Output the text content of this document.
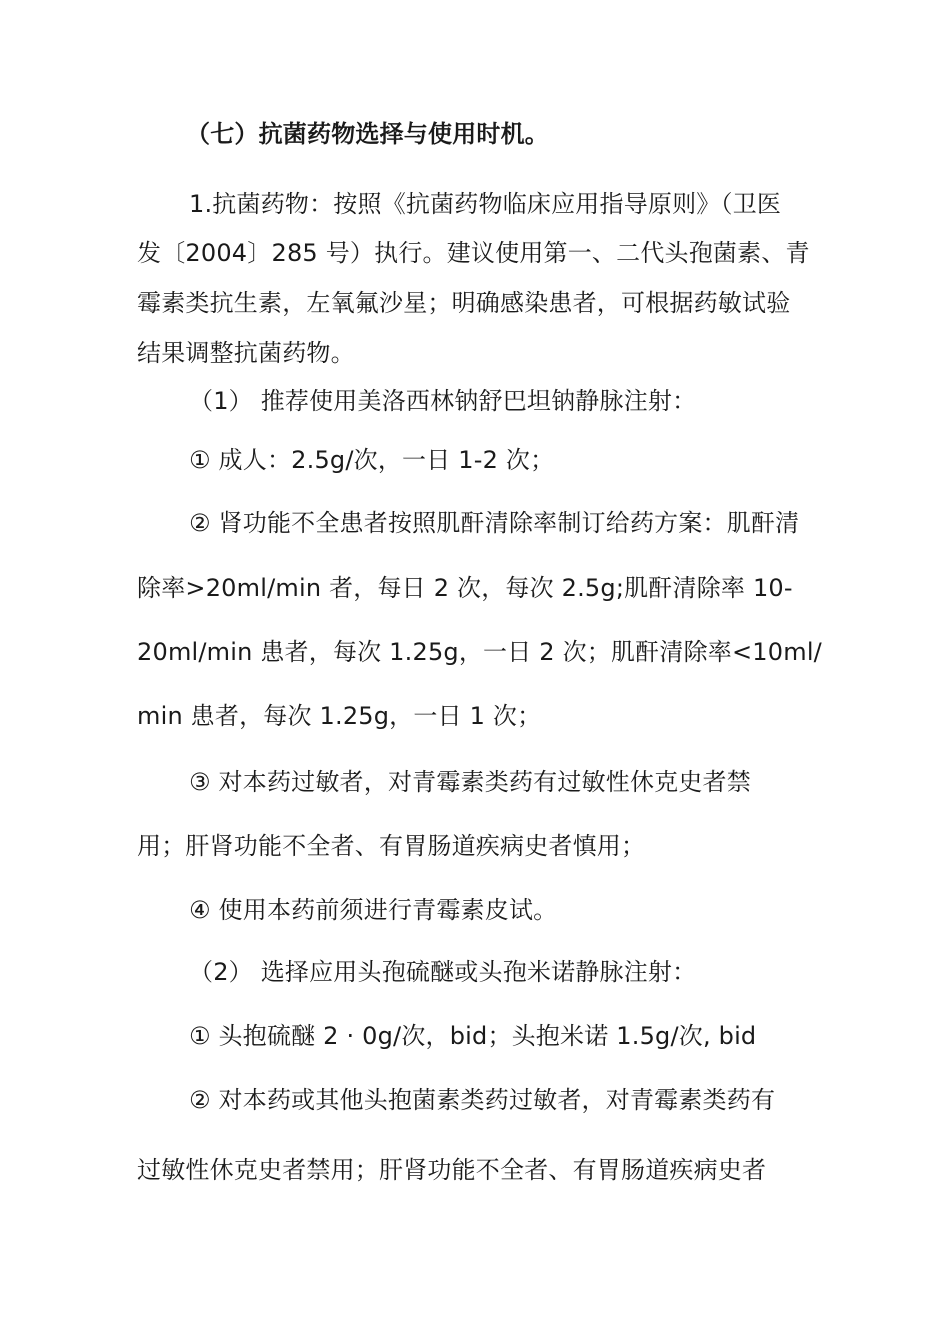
（七）抗菌药物选择与使用时机。
1.抗菌药物：按照《抗菌药物临床应用指导原则》（卫医
发〔2004〕285 号）执行。建议使用第一、二代头孢菌素、青
霉素类抗生素，左氧氟沙星；明确感染患者，可根据药敏试验
结果调整抗菌药物。
（1） 推荐使用美洛西林钠舒巴坦钠静脉注射：
① 成人：2.5g/次，一日 1-2 次；
② 肾功能不全患者按照肌酐清除率制订给药方案：肌酐清
除率>20ml/min 者，每日 2 次，每次 2.5g;肌酐清除率 10-
20ml/min 患者，每次 1.25g，一日 2 次；肌酐清除率<10ml/
min 患者，每次 1.25g，一日 1 次；
③ 对本药过敏者，对青霉素类药有过敏性休克史者禁
用；肝肾功能不全者、有胃肠道疾病史者慎用；
④ 使用本药前须进行青霉素皮试。
（2） 选择应用头孢硫醚或头孢米诺静脉注射：
① 头抱硫醚 2 · 0g/次，bid；头抱米诺 1.5g/次, bid
② 对本药或其他头抱菌素类药过敏者，对青霉素类药有
过敏性休克史者禁用；肝肾功能不全者、有胃肠道疾病史者
